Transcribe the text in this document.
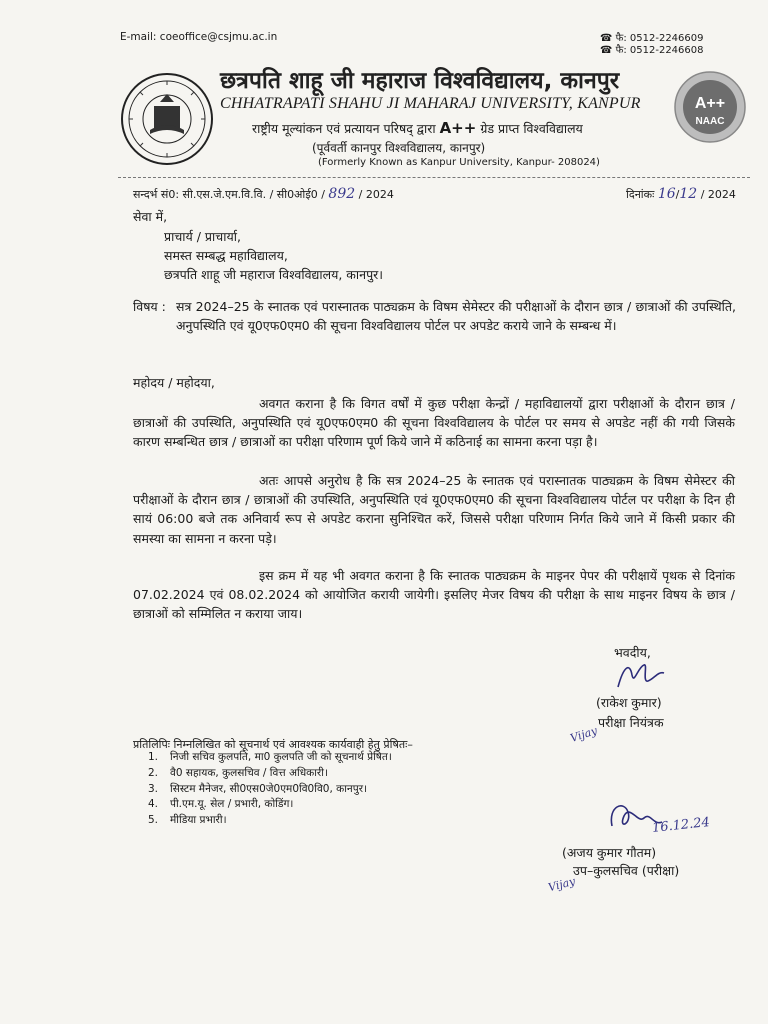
E-mail: coeoffice@csjmu.ac.in	☎ फै: 0512-2246609
☎ फै: 0512-2246608
छत्रपति शाहू जी महाराज विश्वविद्यालय, कानपुर
CHHATRAPATI SHAHU JI MAHARAJ UNIVERSITY, KANPUR
राष्ट्रीय मूल्यांकन एवं प्रत्यायन परिषद् द्वारा A++ ग्रेड प्राप्त विश्वविद्यालय
(पूर्ववर्ती कानपुर विश्वविद्यालय, कानपुर)
(Formerly Known as Kanpur University, Kanpur- 208024)
A++
NAAC
सन्दर्भ सं0: सी.एस.जे.एम.वि.वि. / सी0ओई0 / 892 / 2024	दिनांकः 16/12 / 2024
सेवा में,
प्राचार्य / प्राचार्या,
समस्त सम्बद्ध महाविद्यालय,
छत्रपति शाहू जी महाराज विश्वविद्यालय, कानपुर।
विषय : सत्र 2024–25 के स्नातक एवं परास्नातक पाठ्यक्रम के विषम सेमेस्टर की परीक्षाओं के दौरान छात्र / छात्राओं की उपस्थिति, अनुपस्थिति एवं यू0एफ0एम0 की सूचना विश्वविद्यालय पोर्टल पर अपडेट कराये जाने के सम्बन्ध में।
महोदय / महोदया,
अवगत कराना है कि विगत वर्षों में कुछ परीक्षा केन्द्रों / महाविद्यालयों द्वारा परीक्षाओं के दौरान छात्र / छात्राओं की उपस्थिति, अनुपस्थिति एवं यू0एफ0एम0 की सूचना विश्वविद्यालय के पोर्टल पर समय से अपडेट नहीं की गयी जिसके कारण सम्बन्धित छात्र / छात्राओं का परीक्षा परिणाम पूर्ण किये जाने में कठिनाई का सामना करना पड़ा है।
अतः आपसे अनुरोध है कि सत्र 2024–25 के स्नातक एवं परास्नातक पाठ्यक्रम के विषम सेमेस्टर की परीक्षाओं के दौरान छात्र / छात्राओं की उपस्थिति, अनुपस्थिति एवं यू0एफ0एम0 की सूचना विश्वविद्यालय पोर्टल पर परीक्षा के दिन ही सायं 06:00 बजे तक अनिवार्य रूप से अपडेट कराना सुनिश्चित करें, जिससे परीक्षा परिणाम निर्गत किये जाने में किसी प्रकार की समस्या का सामना न करना पड़े।
इस क्रम में यह भी अवगत कराना है कि स्नातक पाठ्यक्रम के माइनर पेपर की परीक्षायें पृथक से दिनांक 07.02.2024 एवं 08.02.2024 को आयोजित करायी जायेगी। इसलिए मेजर विषय की परीक्षा के साथ माइनर विषय के छात्र / छात्राओं को सम्मिलित न कराया जाय।
भवदीय,
(राकेश कुमार)
परीक्षा नियंत्रक
Vijay
प्रतिलिपिः निम्नलिखित को सूचनार्थ एवं आवश्यक कार्यवाही हेतु प्रेषितः–
1. निजी सचिव कुलपति, मा0 कुलपति जी को सूचनार्थ प्रेषित।
2. वै0 सहायक, कुलसचिव / वित्त अधिकारी।
3. सिस्टम मैनेजर, सी0एस0जे0एम0वि0वि0, कानपुर।
4. पी.एम.यू. सेल / प्रभारी, कोडिंग।
5. मीडिया प्रभारी।	16.12.24
(अजय कुमार गौतम)
उप–कुलसचिव (परीक्षा)
Vijay
